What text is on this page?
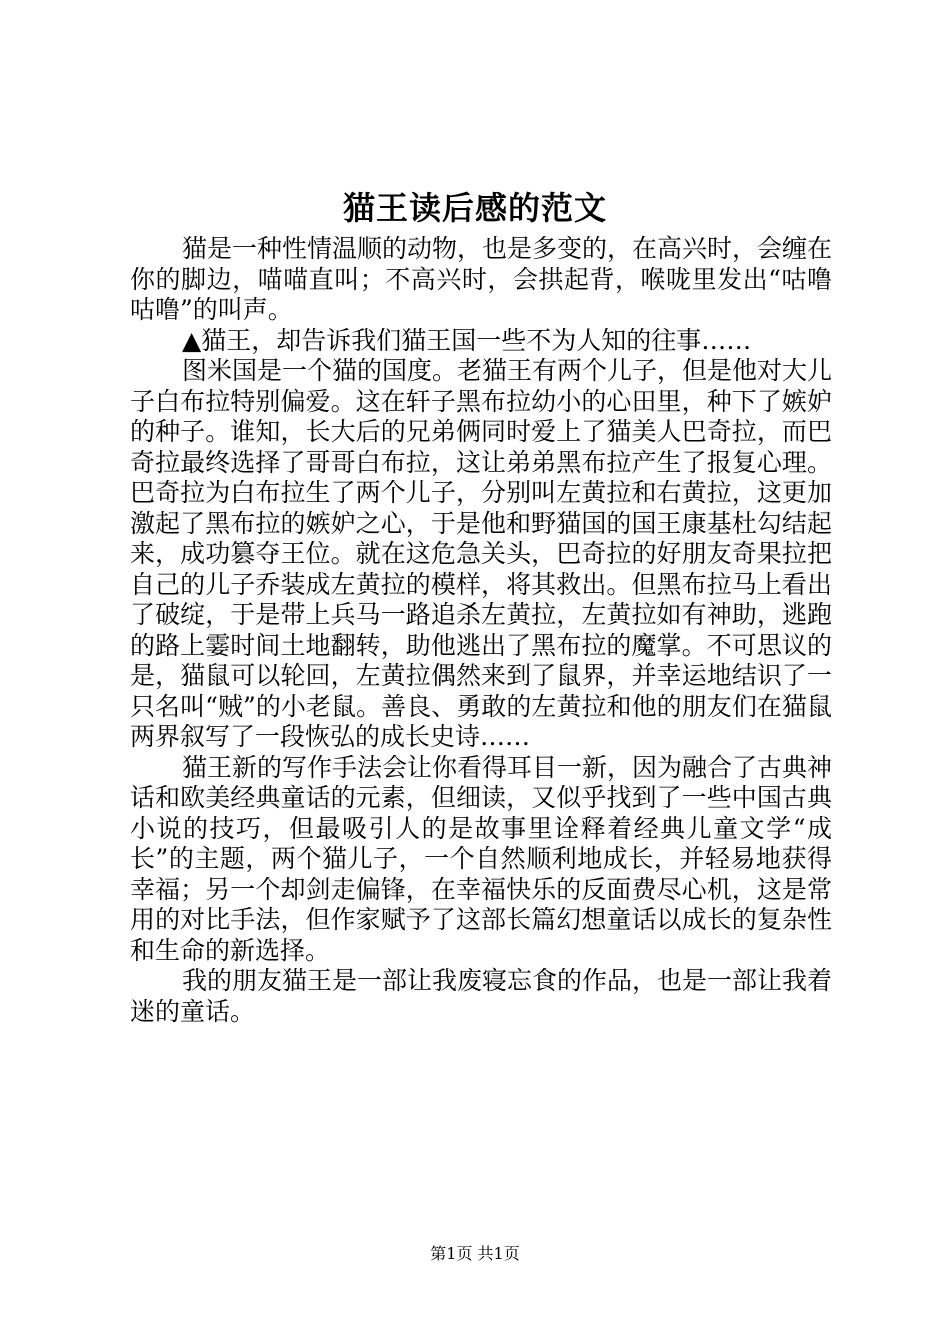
猫王读后感的范文

猫是一种性情温顺的动物，也是多变的，在高兴时，会缠在你的脚边，喵喵直叫；不高兴时，会拱起背，喉咙里发出“咕噜咕噜”的叫声。

▲猫王，却告诉我们猫王国一些不为人知的往事……

图米国是一个猫的国度。老猫王有两个儿子，但是他对大儿子白布拉特别偏爱。这在轩子黑布拉幼小的心田里，种下了嫉妒的种子。谁知，长大后的兄弟俩同时爱上了猫美人巴奇拉，而巴奇拉最终选择了哥哥白布拉，这让弟弟黑布拉产生了报复心理。巴奇拉为白布拉生了两个儿子，分别叫左黄拉和右黄拉，这更加激起了黑布拉的嫉妒之心，于是他和野猫国的国王康基杜勾结起来，成功篡夺王位。就在这危急关头，巴奇拉的好朋友奇果拉把自己的儿子乔装成左黄拉的模样，将其救出。但黑布拉马上看出了破绽，于是带上兵马一路追杀左黄拉，左黄拉如有神助，逃跑的路上霎时间土地翻转，助他逃出了黑布拉的魔掌。不可思议的是，猫鼠可以轮回，左黄拉偶然来到了鼠界，并幸运地结识了一只名叫“贼”的小老鼠。善良、勇敢的左黄拉和他的朋友们在猫鼠两界叙写了一段恢弘的成长史诗……

猫王新的写作手法会让你看得耳目一新，因为融合了古典神话和欧美经典童话的元素，但细读，又似乎找到了一些中国古典小说的技巧，但最吸引人的是故事里诠释着经典儿童文学“成长”的主题，两个猫儿子，一个自然顺利地成长，并轻易地获得幸福；另一个却剑走偏锋，在幸福快乐的反面费尽心机，这是常用的对比手法，但作家赋予了这部长篇幻想童话以成长的复杂性和生命的新选择。

我的朋友猫王是一部让我废寝忘食的作品，也是一部让我着迷的童话。

第1页 共1页
